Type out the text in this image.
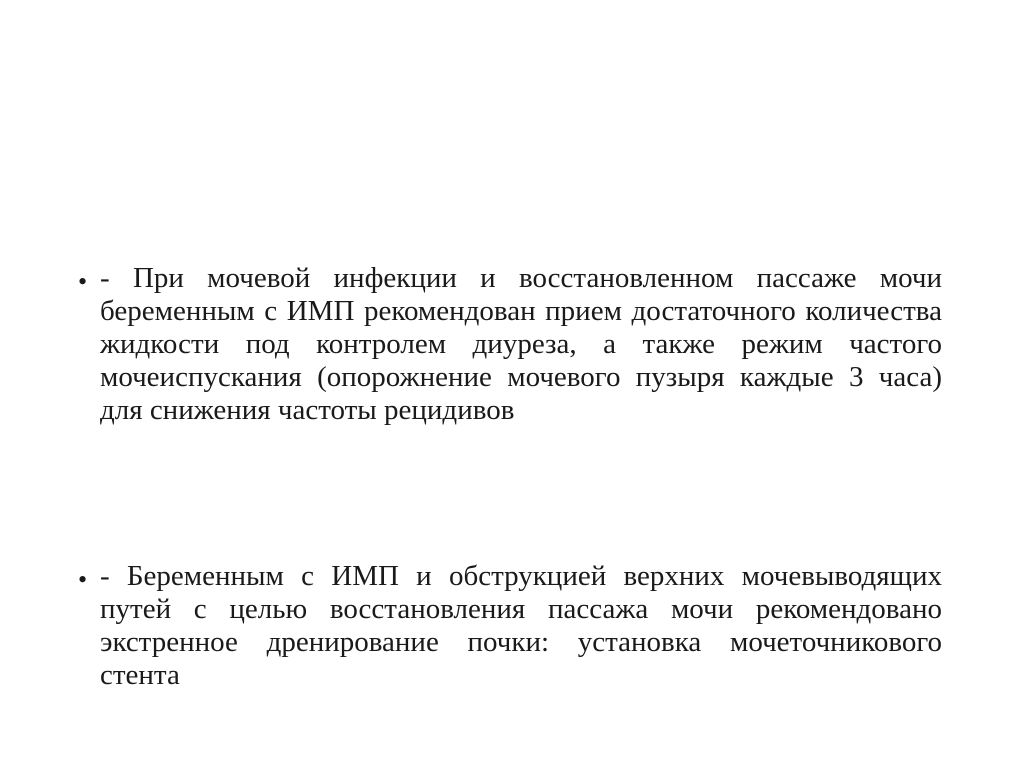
• - При мочевой инфекции и восстановленном пассаже мочи беременным с ИМП рекомендован прием достаточного количества жидкости под контролем диуреза, а также режим частого мочеиспускания (опорожнение мочевого пузыря каждые 3 часа) для снижения частоты рецидивов
• - Беременным с ИМП и обструкцией верхних мочевыводящих путей с целью восстановления пассажа мочи рекомендовано экстренное дренирование почки: установка мочеточникового стента
